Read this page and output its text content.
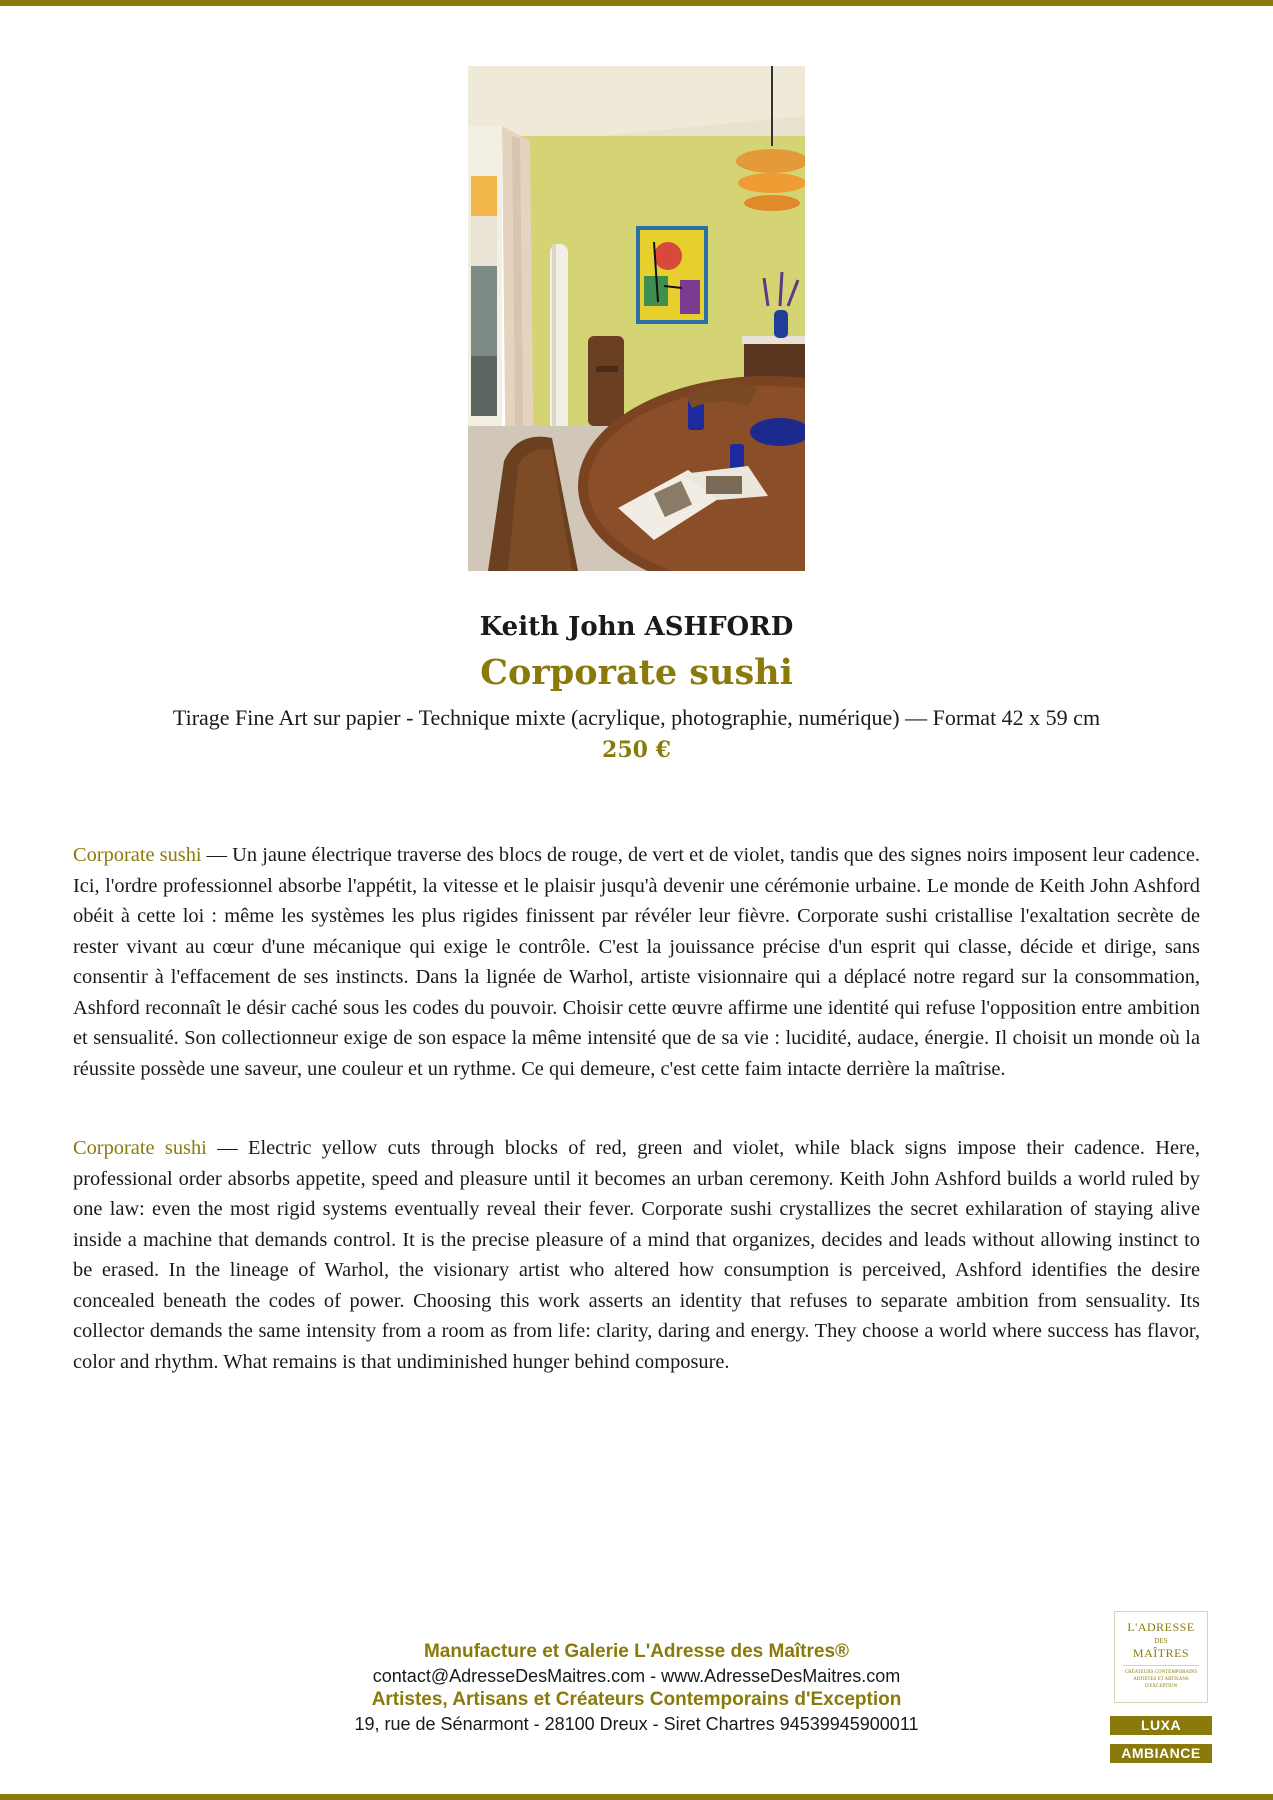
Keith John ASHFORD
Corporate sushi
Tirage Fine Art sur papier - Technique mixte (acrylique, photographie, numérique) — Format 42 x 59 cm
250 €

Corporate sushi — Un jaune électrique traverse des blocs de rouge, de vert et de violet, tandis que des signes noirs imposent leur cadence. Ici, l'ordre professionnel absorbe l'appétit, la vitesse et le plaisir jusqu'à devenir une cérémonie urbaine. Le monde de Keith John Ashford obéit à cette loi : même les systèmes les plus rigides finissent par révéler leur fièvre. Corporate sushi cristallise l'exaltation secrète de rester vivant au cœur d'une mécanique qui exige le contrôle. C'est la jouissance précise d'un esprit qui classe, décide et dirige, sans consentir à l'effacement de ses instincts. Dans la lignée de Warhol, artiste visionnaire qui a déplacé notre regard sur la consommation, Ashford reconnaît le désir caché sous les codes du pouvoir. Choisir cette œuvre affirme une identité qui refuse l'opposition entre ambition et sensualité. Son collectionneur exige de son espace la même intensité que de sa vie : lucidité, audace, énergie. Il choisit un monde où la réussite possède une saveur, une couleur et un rythme. Ce qui demeure, c'est cette faim intacte derrière la maîtrise.

Corporate sushi — Electric yellow cuts through blocks of red, green and violet, while black signs impose their cadence. Here, professional order absorbs appetite, speed and pleasure until it becomes an urban ceremony. Keith John Ashford builds a world ruled by one law: even the most rigid systems eventually reveal their fever. Corporate sushi crystallizes the secret exhilaration of staying alive inside a machine that demands control. It is the precise pleasure of a mind that organizes, decides and leads without allowing instinct to be erased. In the lineage of Warhol, the visionary artist who altered how consumption is perceived, Ashford identifies the desire concealed beneath the codes of power. Choosing this work asserts an identity that refuses to separate ambition from sensuality. Its collector demands the same intensity from a room as from life: clarity, daring and energy. They choose a world where success has flavor, color and rhythm. What remains is that undiminished hunger behind composure.

Manufacture et Galerie L'Adresse des Maîtres®
contact@AdresseDesMaitres.com - www.AdresseDesMaitres.com
Artistes, Artisans et Créateurs Contemporains d'Exception
19, rue de Sénarmont - 28100 Dreux - Siret Chartres 94539945900011
L'ADRESSE
DES
MAÎTRES
CRÉATEURS CONTEMPORAINS ARTISTES ET ARTISANS D'EXCEPTION
LUXA
AMBIANCE
